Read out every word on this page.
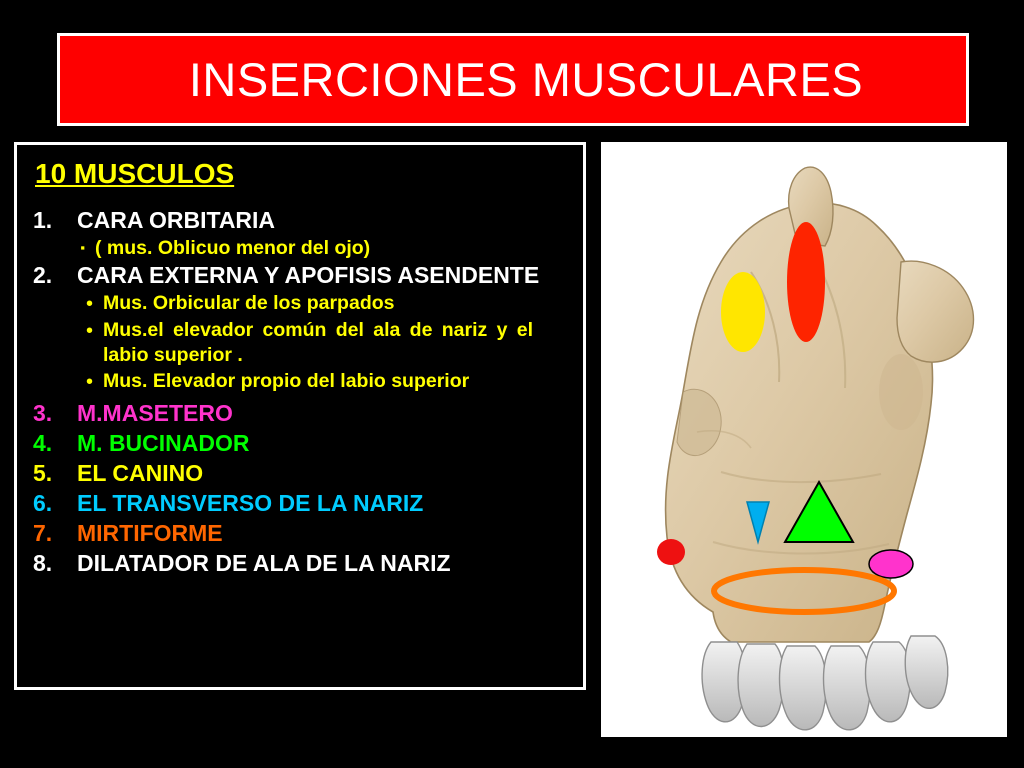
INSERCIONES MUSCULARES
10 MUSCULOS
1.	CARA ORBITARIA
▪ ( mus. Oblicuo menor del ojo)
2.	CARA EXTERNA Y APOFISIS ASENDENTE
• Mus. Orbicular de los parpados
• Mus.el elevador común del ala de nariz y el labio superior .
• Mus. Elevador propio del labio superior
3.	M.MASETERO
4.	M. BUCINADOR
5.	EL CANINO
6.	EL TRANSVERSO DE LA NARIZ
7.	MIRTIFORME
8.	DILATADOR DE ALA DE LA NARIZ
